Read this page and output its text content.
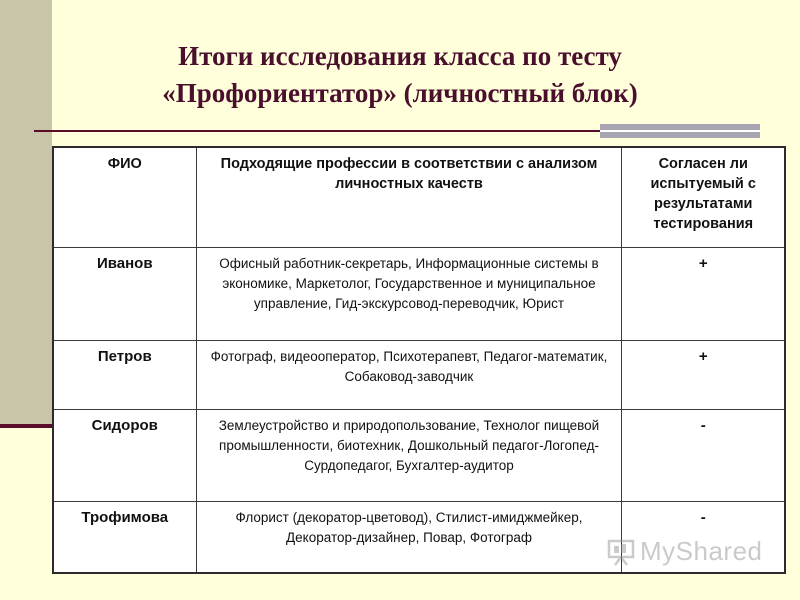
Итоги исследования класса по тесту
«Профориентатор» (личностный блок)
ФИО	Подходящие профессии в соответствии с анализом личностных качеств	Согласен ли испытуемый с результатами тестирования
Иванов	Офисный работник-секретарь, Информационные системы в экономике, Маркетолог, Государственное и муниципальное управление, Гид-экскурсовод-переводчик, Юрист	+
Петров	Фотограф, видеооператор, Психотерапевт, Педагог-математик, Собаковод-заводчик	+
Сидоров	Землеустройство и природопользование, Технолог пищевой промышленности, биотехник, Дошкольный педагог-Логопед-Сурдопедагог, Бухгалтер-аудитор	-
Трофимова	Флорист (декоратор-цветовод), Стилист-имиджмейкер, Декоратор-дизайнер, Повар, Фотограф	-
MyShared
